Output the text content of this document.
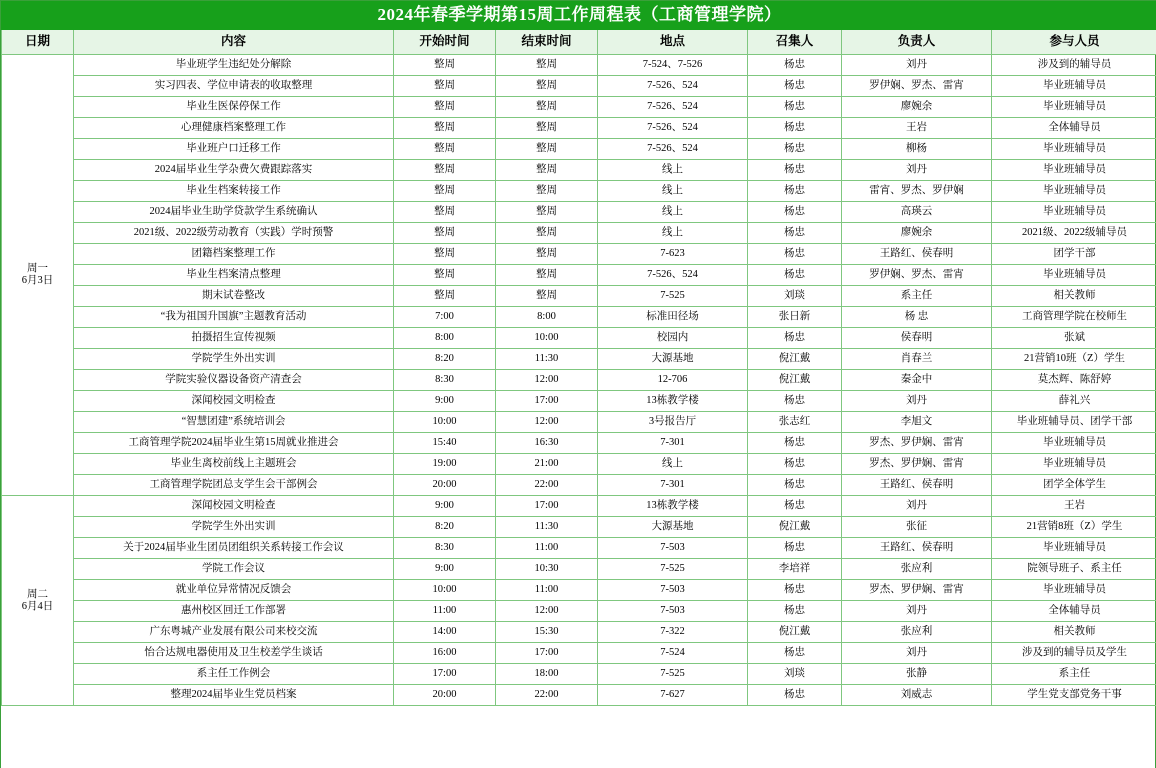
2024年春季学期第15周工作周程表（工商管理学院）							
日期	内容	开始时间	结束时间	地点	召集人	负责人	参与人员

周一
6月3日	毕业班学生违纪处分解除	整周	整周	7-524、7-526	杨忠	刘丹	涉及到的辅导员
	实习四表、学位申请表的收取整理	整周	整周	7-526、524	杨忠	罗伊娴、罗杰、雷宵	毕业班辅导员
	毕业生医保停保工作	整周	整周	7-526、524	杨忠	廖婉余	毕业班辅导员
	心理健康档案整理工作	整周	整周	7-526、524	杨忠	王岩	全体辅导员
	毕业班户口迁移工作	整周	整周	7-526、524	杨忠	柳杨	毕业班辅导员
	2024届毕业生学杂费欠费跟踪落实	整周	整周	线上	杨忠	刘丹	毕业班辅导员
	毕业生档案转接工作	整周	整周	线上	杨忠	雷宵、罗杰、罗伊娴	毕业班辅导员
	2024届毕业生助学贷款学生系统确认	整周	整周	线上	杨忠	高瑛云	毕业班辅导员
	2021级、2022级劳动教育（实践）学时预警	整周	整周	线上	杨忠	廖婉余	2021级、2022级辅导员
	团籍档案整理工作	整周	整周	7-623	杨忠	王路红、侯春明	团学干部
	毕业生档案清点整理	整周	整周	7-526、524	杨忠	罗伊娴、罗杰、雷宵	毕业班辅导员
	期末试卷整改	整周	整周	7-525	刘琰	系主任	相关教师
	“我为祖国升国旗”主题教育活动	7:00	8:00	标准田径场	张日新	杨 忠	工商管理学院在校师生
	拍摄招生宣传视频	8:00	10:00	校园内	杨忠	侯春明	张斌
	学院学生外出实训	8:20	11:30	大源基地	倪江戴	肖春兰	21营销10班（Z）学生
	学院实验仪器设备资产清查会	8:30	12:00	12-706	倪江戴	秦金中	莫杰辉、陈舒婷
	深闻校园文明检查	9:00	17:00	13栋教学楼	杨忠	刘丹	薛礼兴
	“智慧团建”系统培训会	10:00	12:00	3号报告厅	张志红	李旭文	毕业班辅导员、团学干部
	工商管理学院2024届毕业生第15周就业推进会	15:40	16:30	7-301	杨忠	罗杰、罗伊娴、雷宵	毕业班辅导员
	毕业生离校前线上主题班会	19:00	21:00	线上	杨忠	罗杰、罗伊娴、雷宵	毕业班辅导员
	工商管理学院团总支学生会干部例会	20:00	22:00	7-301	杨忠	王路红、侯春明	团学全体学生

周二
6月4日	深闻校园文明检查	9:00	17:00	13栋教学楼	杨忠	刘丹	王岩
	学院学生外出实训	8:20	11:30	大源基地	倪江戴	张征	21营销8班（Z）学生
	关于2024届毕业生团员团组织关系转接工作会议	8:30	11:00	7-503	杨忠	王路红、侯春明	毕业班辅导员
	学院工作会议	9:00	10:30	7-525	李培祥	张应利	院领导班子、系主任
	就业单位异常情况反馈会	10:00	11:00	7-503	杨忠	罗杰、罗伊娴、雷宵	毕业班辅导员
	惠州校区回迁工作部署	11:00	12:00	7-503	杨忠	刘丹	全体辅导员
	广东粤城产业发展有限公司来校交流	14:00	15:30	7-322	倪江戴	张应利	相关教师
	怡合达规电器使用及卫生校差学生谈话	16:00	17:00	7-524	杨忠	刘丹	涉及到的辅导员及学生
	系主任工作例会	17:00	18:00	7-525	刘琰	张静	系主任
	整理2024届毕业生党员档案	20:00	22:00	7-627	杨忠	刘威志	学生党支部党务干事
